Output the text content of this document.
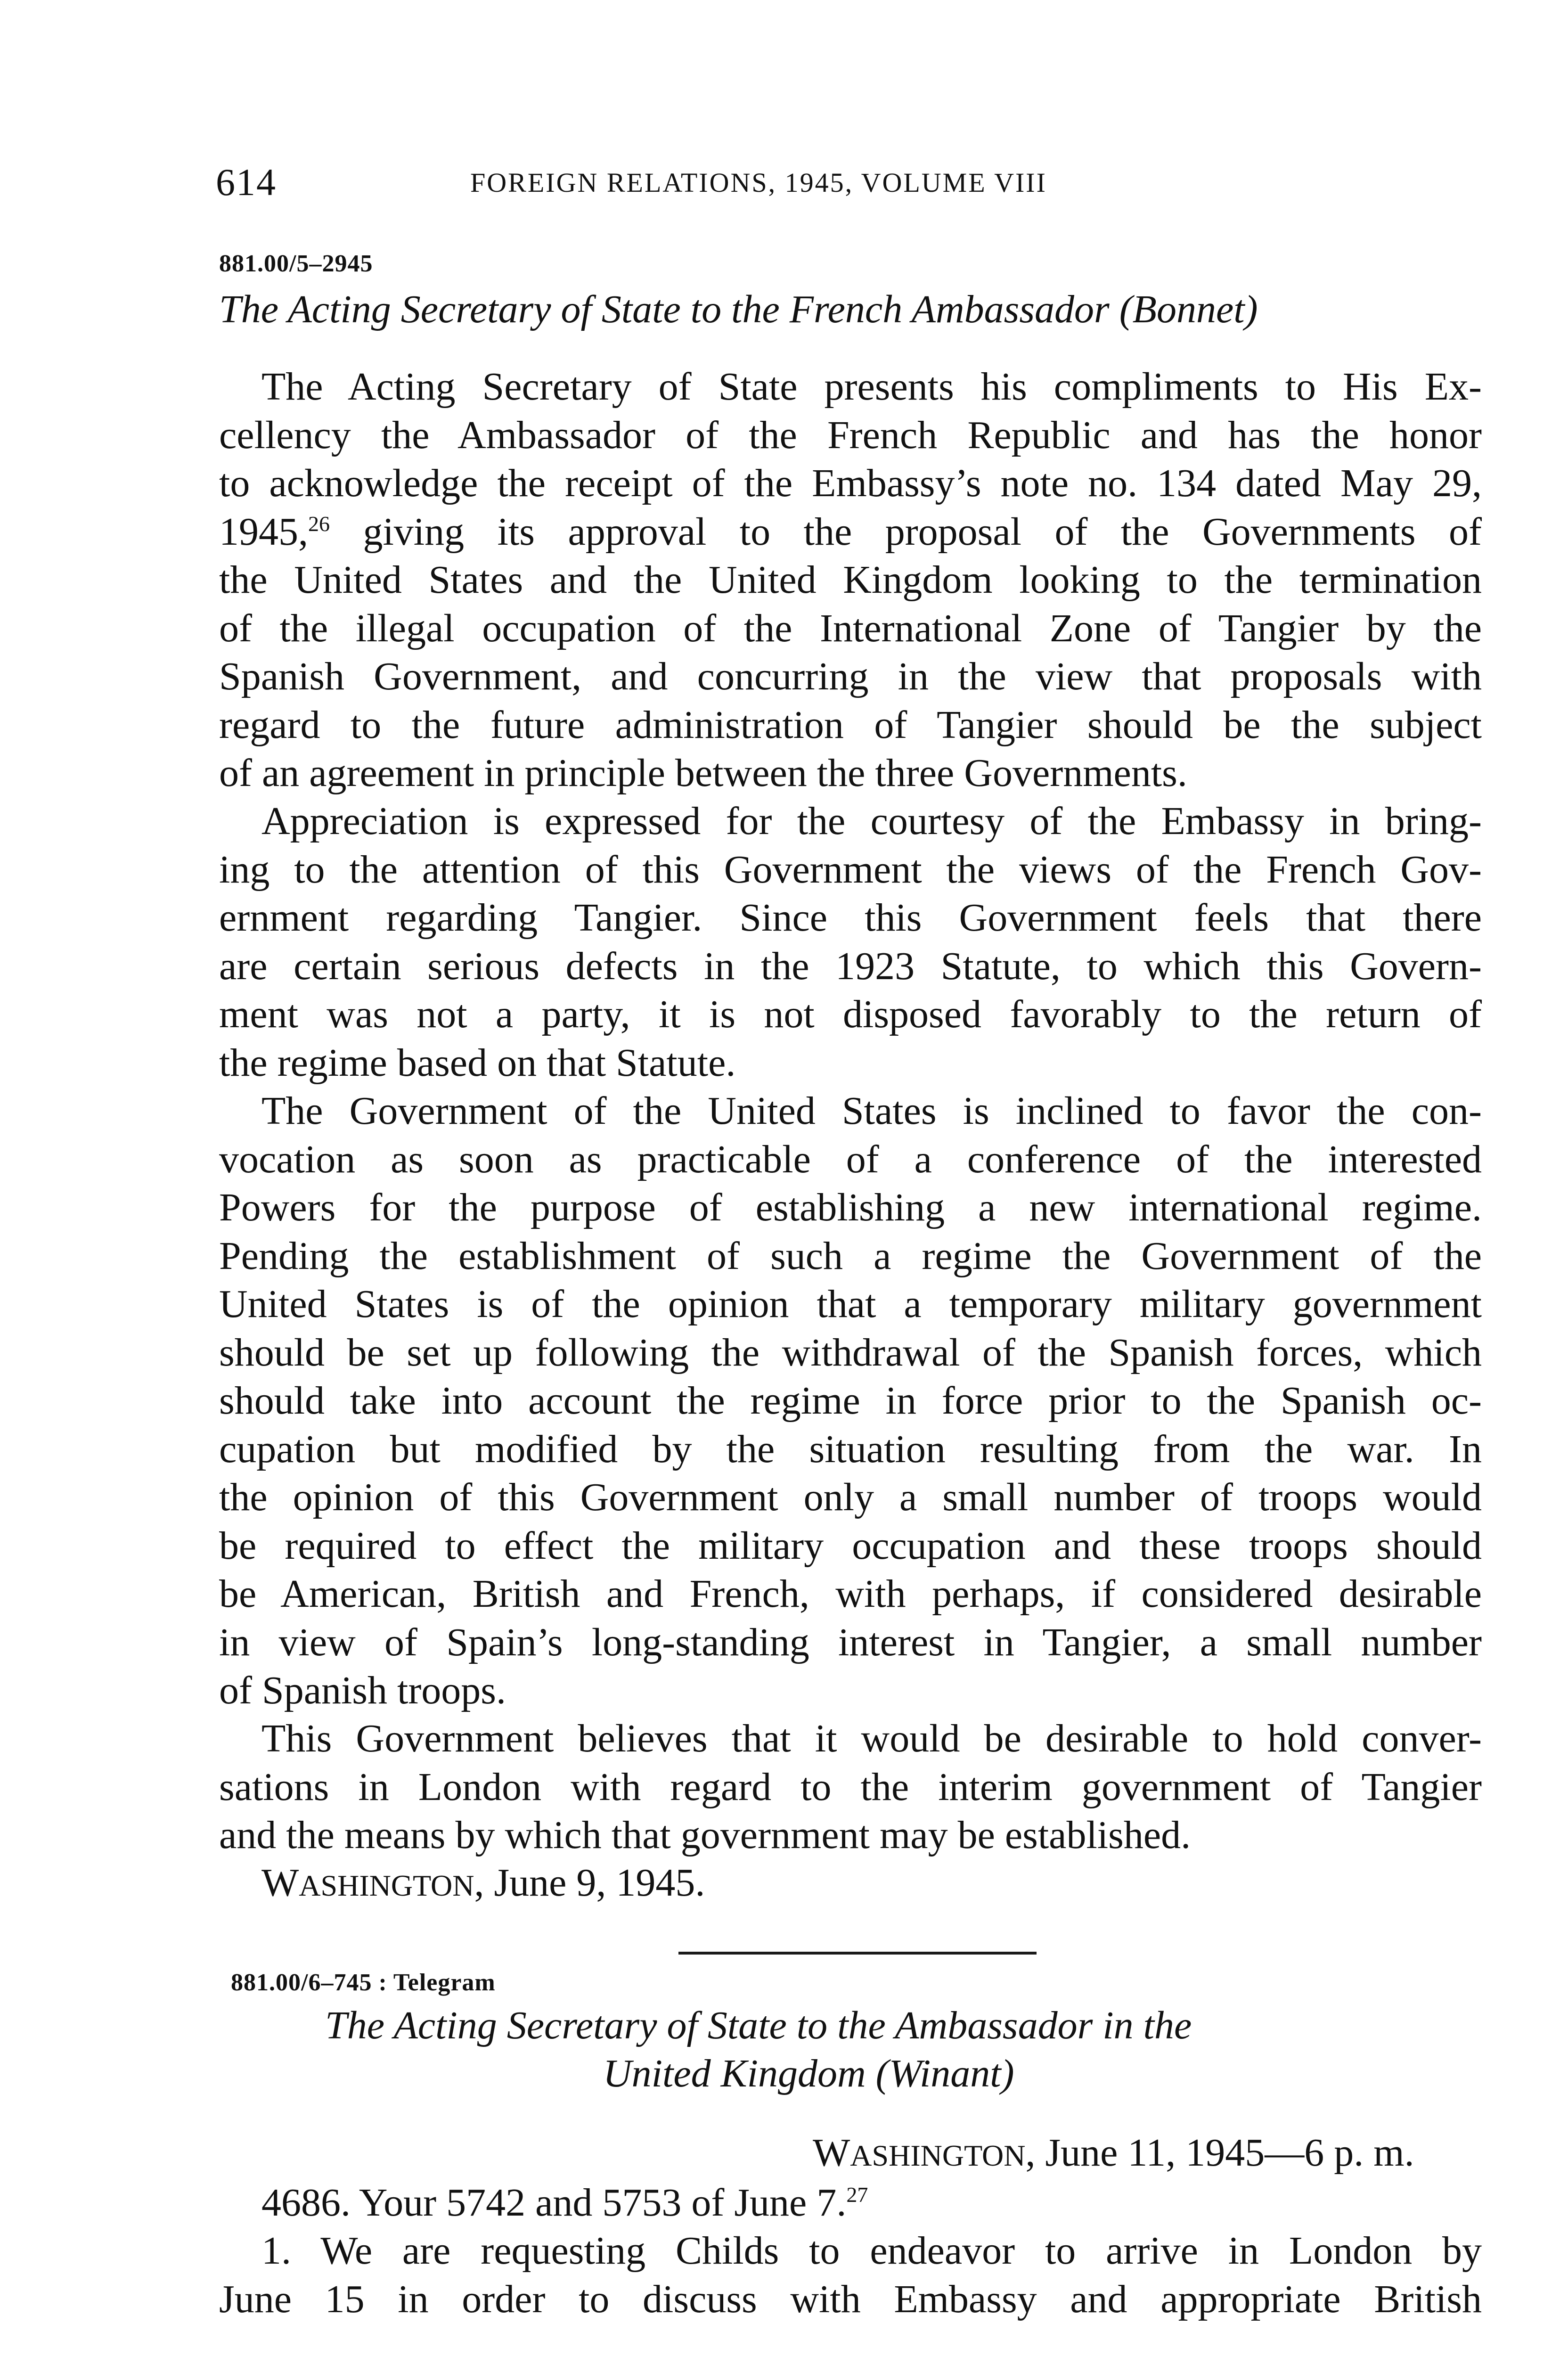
614	FOREIGN RELATIONS, 1945, VOLUME VIII
881.00/5–2945
The Acting Secretary of State to the French Ambassador (Bonnet)
The Acting Secretary of State presents his compliments to His Ex-
cellency the Ambassador of the French Republic and has the honor
to acknowledge the receipt of the Embassy’s note no. 134 dated May 29,
1945,26 giving its approval to the proposal of the Governments of
the United States and the United Kingdom looking to the termination
of the illegal occupation of the International Zone of Tangier by the
Spanish Government, and concurring in the view that proposals with
regard to the future administration of Tangier should be the subject
of an agreement in principle between the three Governments.
Appreciation is expressed for the courtesy of the Embassy in bring-
ing to the attention of this Government the views of the French Gov-
ernment regarding Tangier. Since this Government feels that there
are certain serious defects in the 1923 Statute, to which this Govern-
ment was not a party, it is not disposed favorably to the return of
the regime based on that Statute.
The Government of the United States is inclined to favor the con-
vocation as soon as practicable of a conference of the interested
Powers for the purpose of establishing a new international regime.
Pending the establishment of such a regime the Government of the
United States is of the opinion that a temporary military government
should be set up following the withdrawal of the Spanish forces, which
should take into account the regime in force prior to the Spanish oc-
cupation but modified by the situation resulting from the war. In
the opinion of this Government only a small number of troops would
be required to effect the military occupation and these troops should
be American, British and French, with perhaps, if considered desirable
in view of Spain’s long-standing interest in Tangier, a small number
of Spanish troops.
This Government believes that it would be desirable to hold conver-
sations in London with regard to the interim government of Tangier
and the means by which that government may be established.
WASHINGTON, June 9, 1945.
881.00/6–745 : Telegram
The Acting Secretary of State to the Ambassador in the
United Kingdom (Winant)
WASHINGTON, June 11, 1945—6 p. m.
4686. Your 5742 and 5753 of June 7.27
1. We are requesting Childs to endeavor to arrive in London by
June 15 in order to discuss with Embassy and appropriate British
